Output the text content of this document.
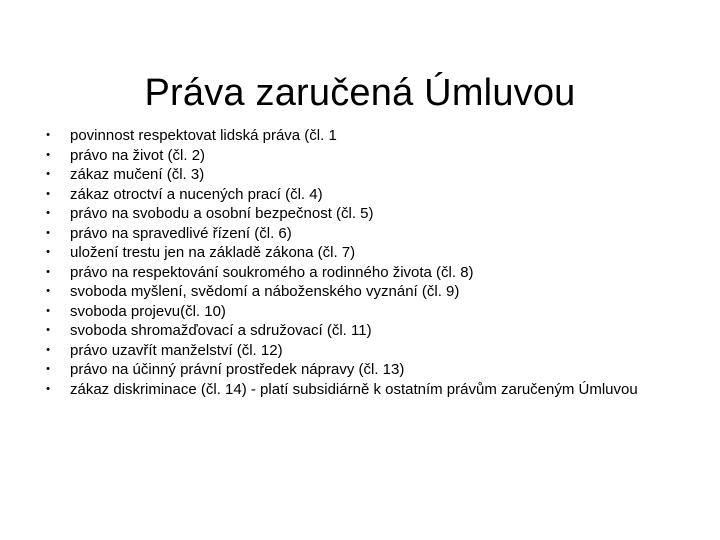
Práva zaručená Úmluvou
•	povinnost respektovat lidská práva (čl. 1
•	právo na život (čl. 2)
•	zákaz mučení (čl. 3)
•	zákaz otroctví a nucených prací (čl. 4)
•	právo na svobodu a osobní bezpečnost (čl. 5)
•	právo na spravedlivé řízení (čl. 6)
•	uložení trestu jen na základě zákona (čl. 7)
•	právo na respektování soukromého a rodinného života (čl. 8)
•	svoboda myšlení, svědomí a náboženského vyznání (čl. 9)
•	svoboda projevu(čl. 10)
•	svoboda shromažďovací a sdružovací (čl. 11)
•	právo uzavřít manželství (čl. 12)
•	právo na účinný právní prostředek nápravy (čl. 13)
•	zákaz diskriminace (čl. 14) - platí subsidiárně k ostatním právům zaručeným Úmluvou
